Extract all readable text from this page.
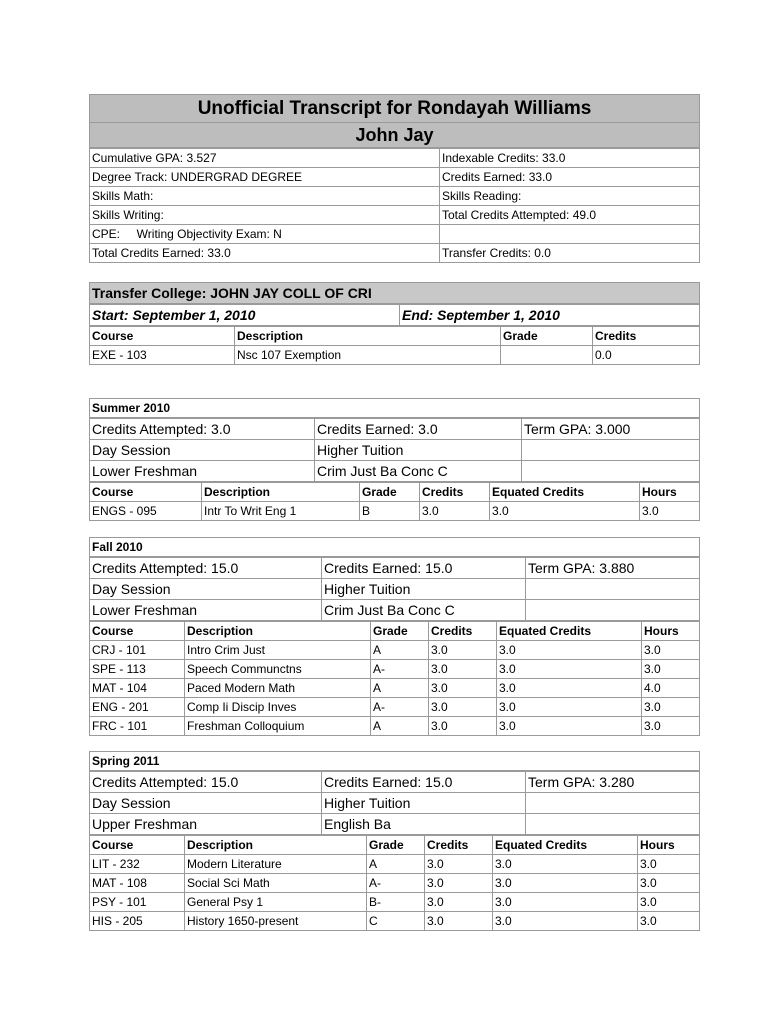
Unofficial Transcript for Rondayah Williams
John Jay
Cumulative GPA: 3.527	Indexable Credits: 33.0
Degree Track: UNDERGRAD DEGREE	Credits Earned: 33.0
Skills Math:	Skills Reading:
Skills Writing:	Total Credits Attempted: 49.0
CPE:     Writing Objectivity Exam: N	
Total Credits Earned: 33.0	Transfer Credits: 0.0
Transfer College: JOHN JAY COLL OF CRI
Start: September 1, 2010	End: September 1, 2010
Course	Description	Grade	Credits
EXE - 103	Nsc 107 Exemption		0.0
Summer 2010
Credits Attempted: 3.0	Credits Earned: 3.0	Term GPA: 3.000
Day Session	Higher Tuition	
Lower Freshman	Crim Just Ba Conc C	
Course	Description	Grade	Credits	Equated Credits	Hours
ENGS - 095	Intr To Writ Eng 1	B	3.0	3.0	3.0
Fall 2010
Credits Attempted: 15.0	Credits Earned: 15.0	Term GPA: 3.880
Day Session	Higher Tuition	
Lower Freshman	Crim Just Ba Conc C	
Course	Description	Grade	Credits	Equated Credits	Hours
CRJ - 101	Intro Crim Just	A	3.0	3.0	3.0
SPE - 113	Speech Communctns	A-	3.0	3.0	3.0
MAT - 104	Paced Modern Math	A	3.0	3.0	4.0
ENG - 201	Comp Ii Discip Inves	A-	3.0	3.0	3.0
FRC - 101	Freshman Colloquium	A	3.0	3.0	3.0
Spring 2011
Credits Attempted: 15.0	Credits Earned: 15.0	Term GPA: 3.280
Day Session	Higher Tuition	
Upper Freshman	English Ba	
Course	Description	Grade	Credits	Equated Credits	Hours
LIT - 232	Modern Literature	A	3.0	3.0	3.0
MAT - 108	Social Sci Math	A-	3.0	3.0	3.0
PSY - 101	General Psy 1	B-	3.0	3.0	3.0
HIS - 205	History 1650-present	C	3.0	3.0	3.0
